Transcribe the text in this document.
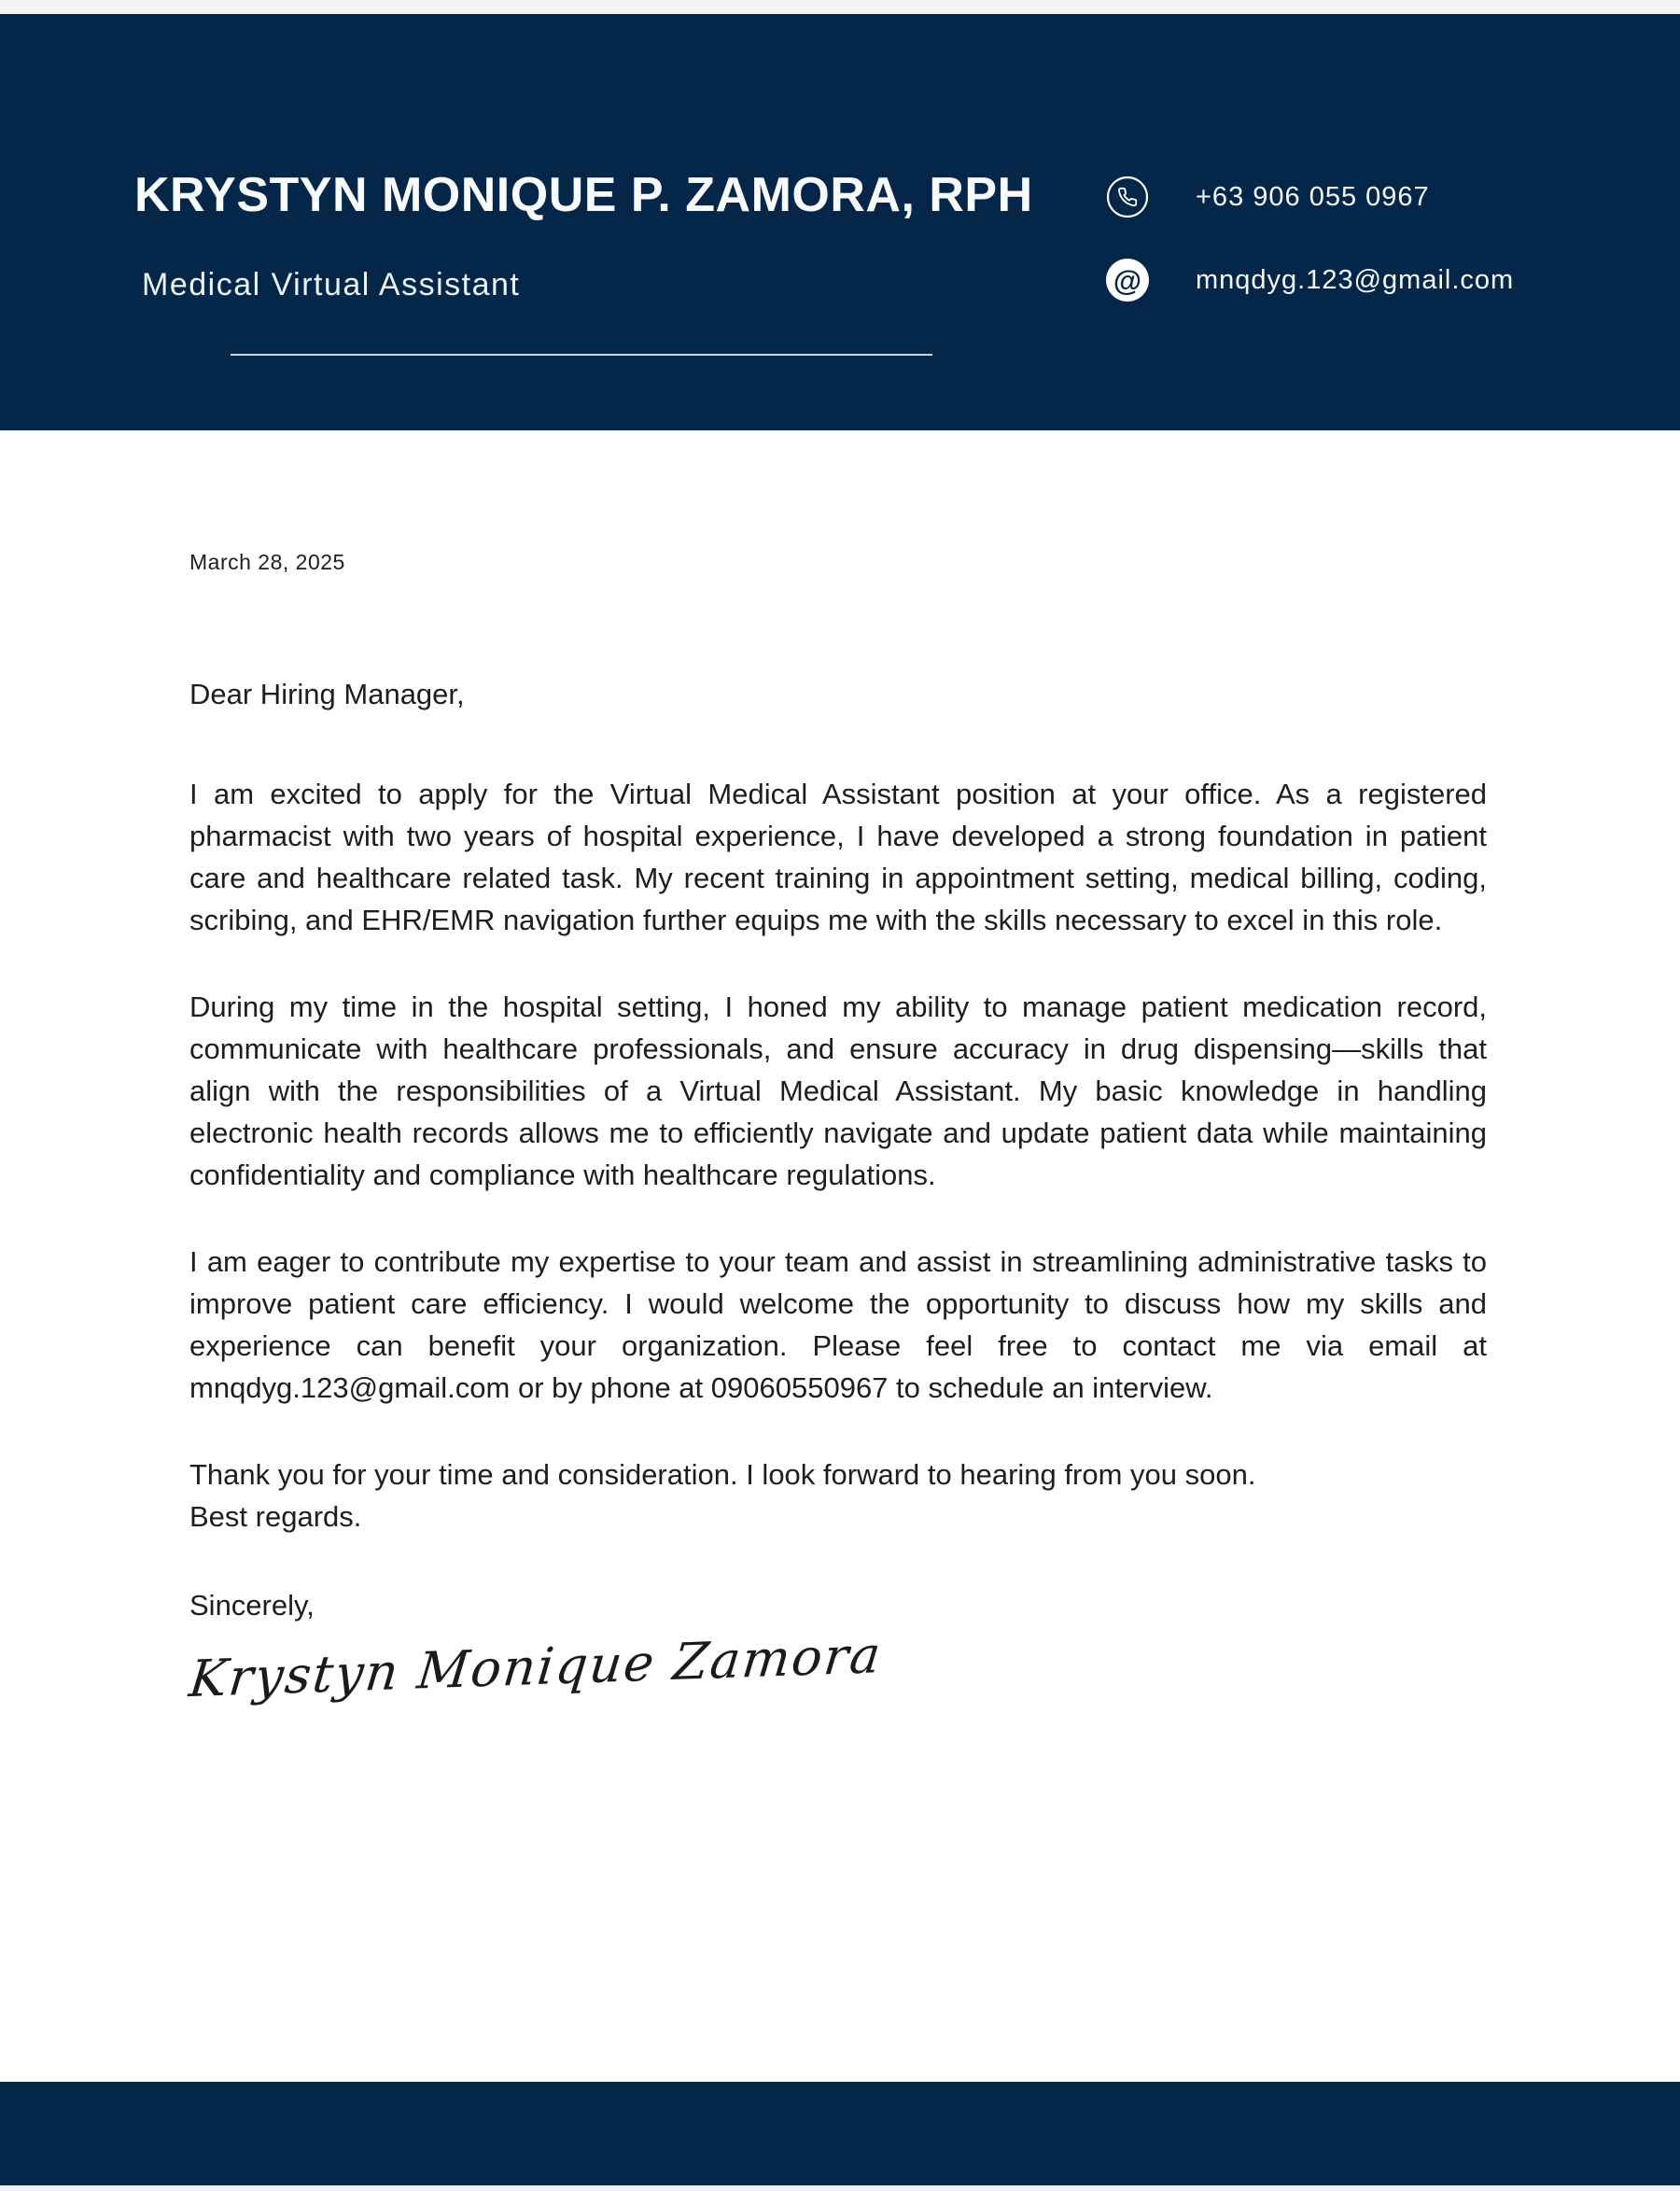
KRYSTYN MONIQUE P. ZAMORA, RPH
Medical Virtual Assistant
+63 906 055 0967
@ mnqdyg.123@gmail.com
March 28, 2025
Dear Hiring Manager,

I am excited to apply for the Virtual Medical Assistant position at your office. As a registered pharmacist with two years of hospital experience, I have developed a strong foundation in patient care and healthcare related task. My recent training in appointment setting, medical billing, coding, scribing, and EHR/EMR navigation further equips me with the skills necessary to excel in this role.

During my time in the hospital setting, I honed my ability to manage patient medication record, communicate with healthcare professionals, and ensure accuracy in drug dispensing—skills that align with the responsibilities of a Virtual Medical Assistant. My basic knowledge in handling electronic health records allows me to efficiently navigate and update patient data while maintaining confidentiality and compliance with healthcare regulations.

I am eager to contribute my expertise to your team and assist in streamlining administrative tasks to improve patient care efficiency. I would welcome the opportunity to discuss how my skills and experience can benefit your organization. Please feel free to contact me via email at mnqdyg.123@gmail.com or by phone at 09060550967 to schedule an interview.

Thank you for your time and consideration. I look forward to hearing from you soon.
Best regards.
Sincerely,
Krystyn Monique Zamora
